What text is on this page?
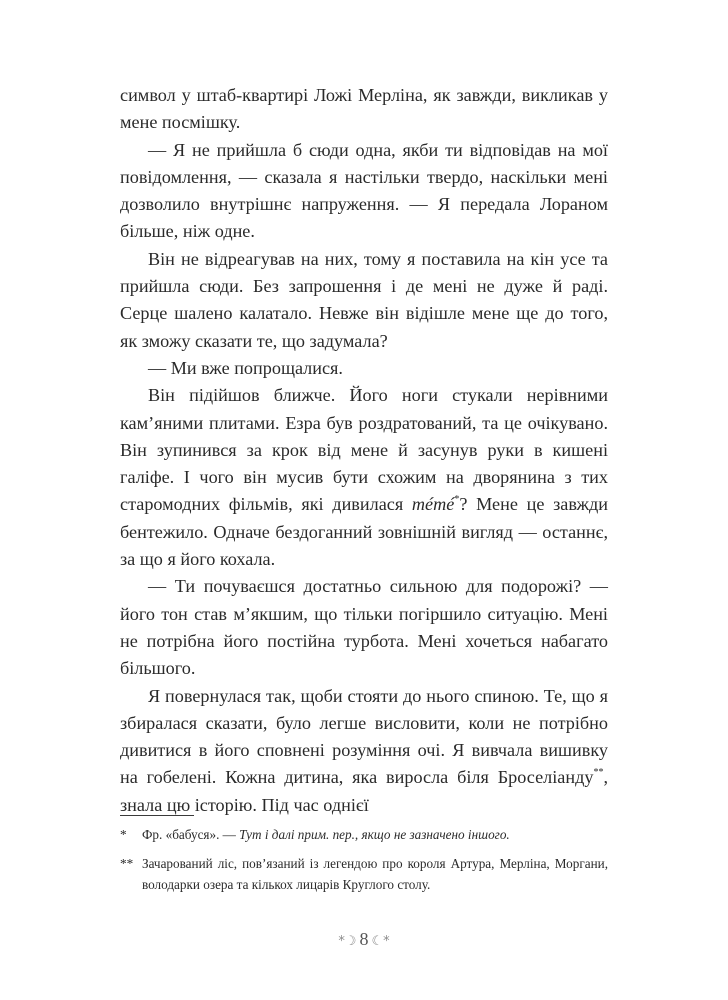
символ у штаб-квартирі Ложі Мерліна, як завжди, викликав у мене посмішку.

— Я не прийшла б сюди одна, якби ти відповідав на мої повідомлення, — сказала я настільки твердо, наскільки мені дозволило внутрішнє напруження. — Я передала Лораном більше, ніж одне.

Він не відреагував на них, тому я поставила на кін усе та прийшла сюди. Без запрошення і де мені не дуже й раді. Серце шалено калатало. Невже він відішле мене ще до того, як зможу сказати те, що задумала?

— Ми вже попрощалися.

Він підійшов ближче. Його ноги стукали нерівними кам’яними плитами. Езра був роздратований, та це очікувано. Він зупинився за крок від мене й засунув руки в кишені галіфе. І чого він мусив бути схожим на дворянина з тих старомодних фільмів, які дивилася mémé*? Мене це завжди бентежило. Одначе бездоганний зовнішній вигляд — останнє, за що я його кохала.

— Ти почуваєшся достатньо сильною для подорожі? — його тон став м’якшим, що тільки погіршило ситуацію. Мені не потрібна його постійна турбота. Мені хочеться набагато більшого.

Я повернулася так, щоби стояти до нього спиною. Те, що я збиралася сказати, було легше висловити, коли не потрібно дивитися в його сповнені розуміння очі. Я вивчала вишивку на гобелені. Кожна дитина, яка виросла біля Броселіанду**, знала цю історію. Під час однієї

* Фр. «бабуся». — Тут і далі прим. пер., якщо не зазначено іншого.

** Зачарований ліс, пов’язаний із легендою про короля Артура, Мерліна, Моргани, володарки озера та кількох лицарів Круглого столу.

*☽ 8 ☾*
